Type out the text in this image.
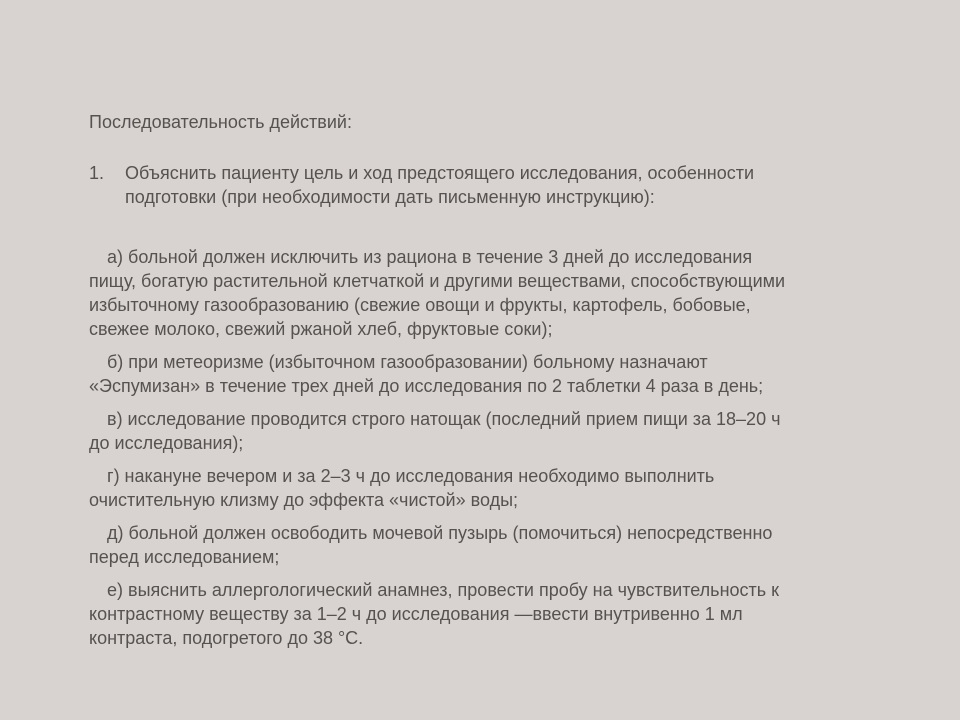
Последовательность действий:
1. Объяснить пациенту цель и ход предстоящего исследования, особенности
подготовки (при необходимости дать письменную инструкцию):
а) больной должен исключить из рациона в течение 3 дней до исследования
пищу, богатую растительной клетчаткой и другими веществами, способствующими
избыточному газообразованию (свежие овощи и фрукты, картофель, бобовые,
свежее молоко, свежий ржаной хлеб, фруктовые соки);
б) при метеоризме (избыточном газообразовании) больному назначают
«Эспумизан» в течение трех дней до исследования по 2 таблетки 4 раза в день;
в) исследование проводится строго натощак (последний прием пищи за 18–20 ч
до исследования);
г) накануне вечером и за 2–3 ч до исследования необходимо выполнить
очистительную клизму до эффекта «чистой» воды;
д) больной должен освободить мочевой пузырь (помочиться) непосредственно
перед исследованием;
е) выяснить аллергологический анамнез, провести пробу на чувствительность к
контрастному веществу за 1–2 ч до исследования —ввести внутривенно 1 мл
контраста, подогретого до 38 °С.
